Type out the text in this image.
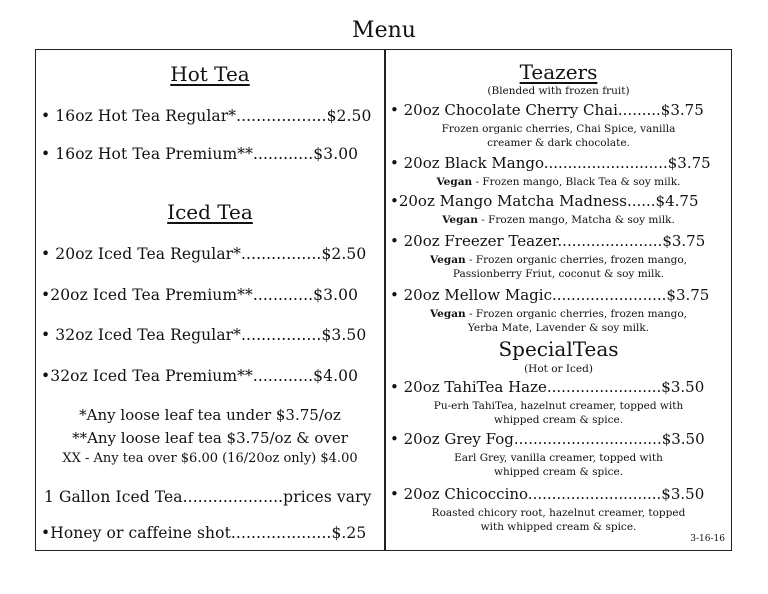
Menu
Hot Tea
• 16oz Hot Tea Regular*..................$2.50
• 16oz Hot Tea Premium**............$3.00
Iced Tea
• 20oz Iced Tea Regular*................$2.50
•20oz Iced Tea Premium**............$3.00
• 32oz Iced Tea Regular*................$3.50
•32oz Iced Tea Premium**............$4.00
*Any loose leaf tea under $3.75/oz
**Any loose leaf tea $3.75/oz & over
XX - Any tea over $6.00 (16/20oz only) $4.00
1 Gallon Iced Tea....................prices vary
•Honey or caffeine shot....................$.25
Teazers
(Blended with frozen fruit)
• 20oz Chocolate Cherry Chai.........$3.75
Frozen organic cherries, Chai Spice, vanilla
creamer & dark chocolate.
• 20oz Black Mango..........................$3.75
Vegan - Frozen mango, Black Tea & soy milk.
•20oz Mango Matcha Madness......$4.75
Vegan - Frozen mango, Matcha & soy milk.
• 20oz Freezer Teazer......................$3.75
Vegan - Frozen organic cherries, frozen mango,
Passionberry Friut, coconut & soy milk.
• 20oz Mellow Magic........................$3.75
Vegan - Frozen organic cherries, frozen mango,
Yerba Mate, Lavender & soy milk.
SpecialTeas
(Hot or Iced)
• 20oz TahiTea Haze........................$3.50
Pu-erh TahiTea, hazelnut creamer, topped with
whipped cream & spice.
• 20oz Grey Fog...............................$3.50
Earl Grey, vanilla creamer, topped with
whipped cream & spice.
• 20oz Chicoccino............................$3.50
Roasted chicory root, hazelnut creamer, topped
with whipped cream & spice.
3-16-16
